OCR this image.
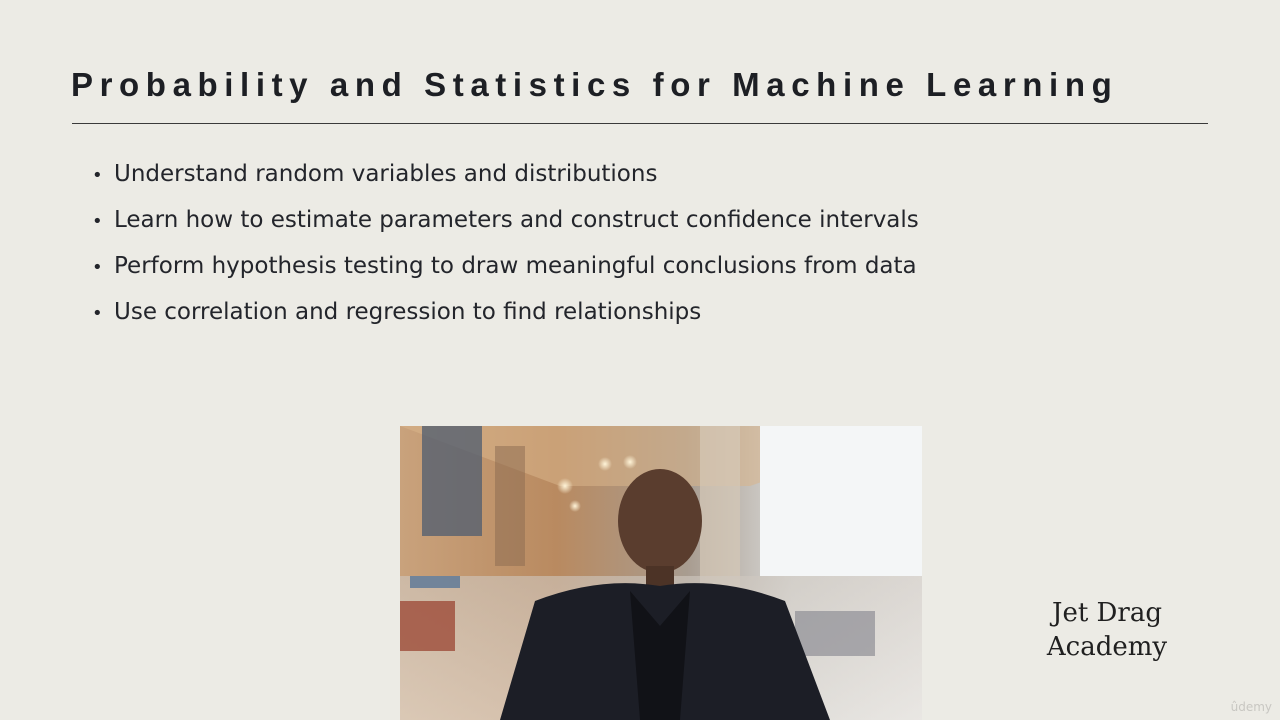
Probability and Statistics for Machine Learning
• Understand random variables and distributions
• Learn how to estimate parameters and construct confidence intervals
• Perform hypothesis testing to draw meaningful conclusions from data
• Use correlation and regression to find relationships
Jet Drag
Academy
ûdemy
